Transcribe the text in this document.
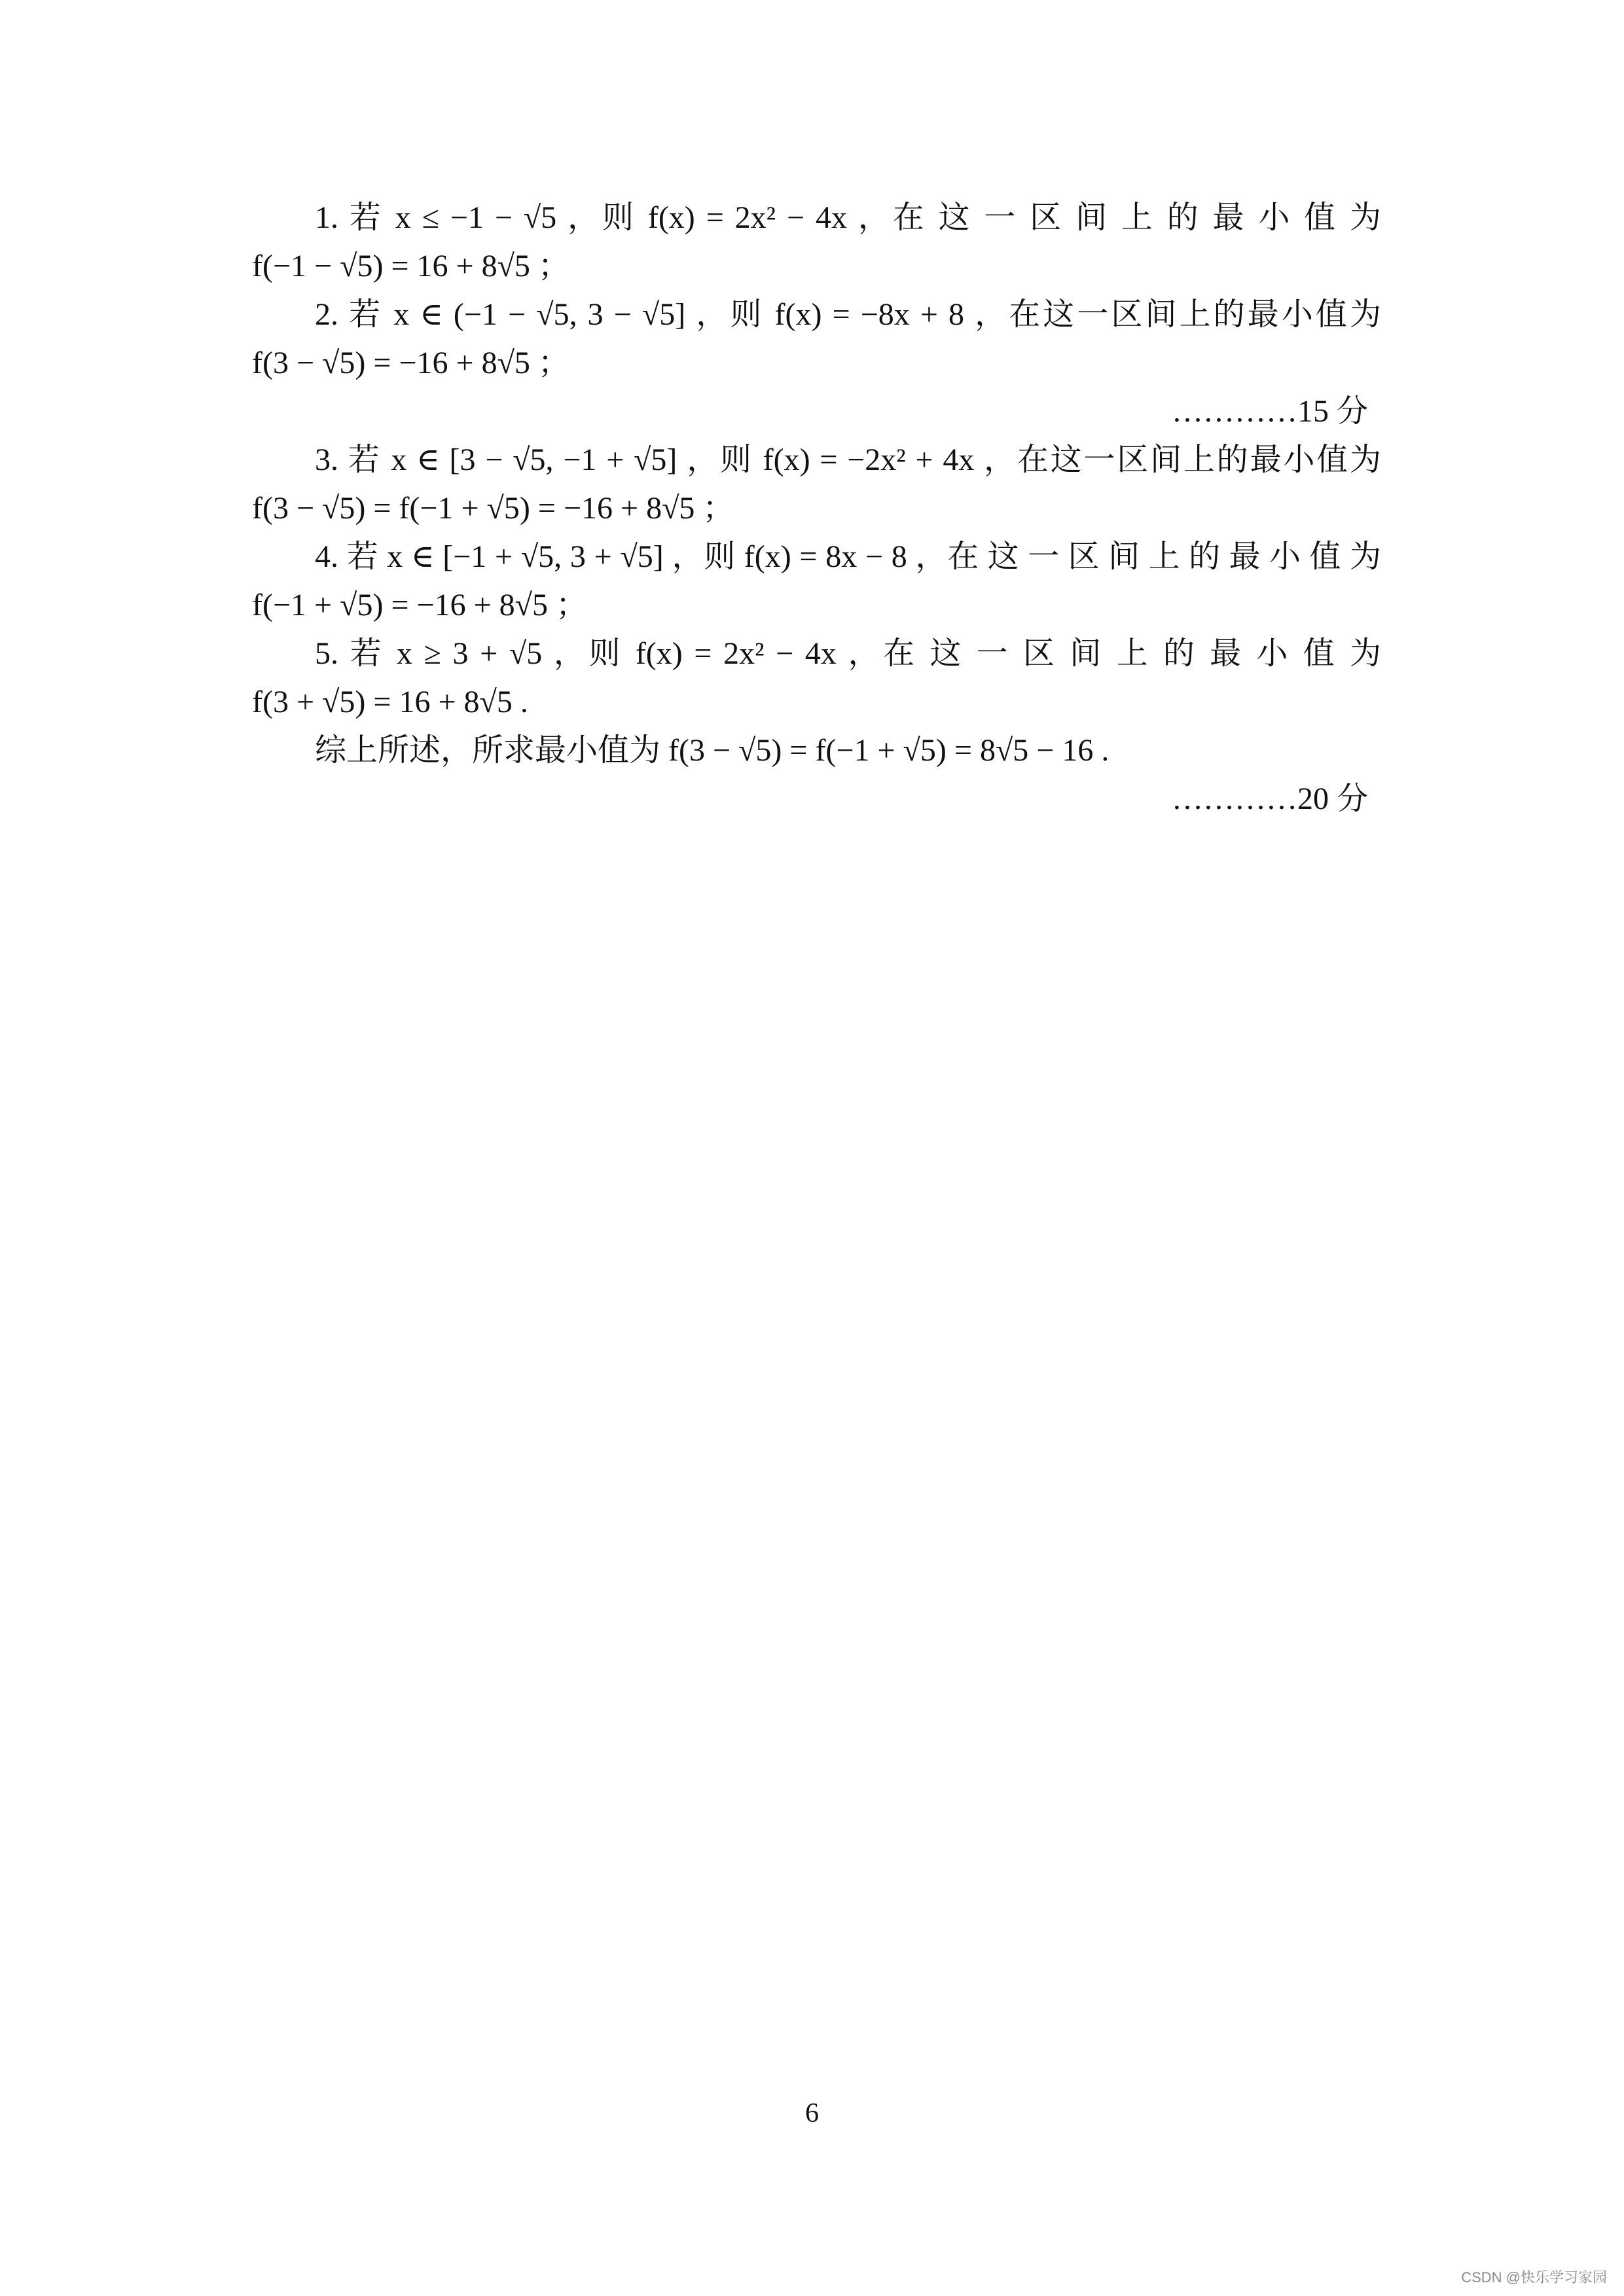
1. 若 x ≤ −1 − √5 ，则 f(x) = 2x² − 4x ，在 这 一 区 间 上 的 最 小 值 为
f(−1 − √5) = 16 + 8√5 ；
2. 若 x ∈ (−1 − √5, 3 − √5] ，则 f(x) = −8x + 8 ，在这一区间上的最小值为
f(3 − √5) = −16 + 8√5 ；
…………15 分
3. 若 x ∈ [3 − √5, −1 + √5] ，则 f(x) = −2x² + 4x ，在这一区间上的最小值为
f(3 − √5) = f(−1 + √5) = −16 + 8√5 ；
4. 若 x ∈ [−1 + √5, 3 + √5] ，则 f(x) = 8x − 8 ，在 这 一 区 间 上 的 最 小 值 为
f(−1 + √5) = −16 + 8√5 ；
5. 若 x ≥ 3 + √5 ，则 f(x) = 2x² − 4x ，在 这 一 区 间 上 的 最 小 值 为
f(3 + √5) = 16 + 8√5 .
综上所述，所求最小值为 f(3 − √5) = f(−1 + √5) = 8√5 − 16 .
…………20 分
6
CSDN @快乐学习家园
